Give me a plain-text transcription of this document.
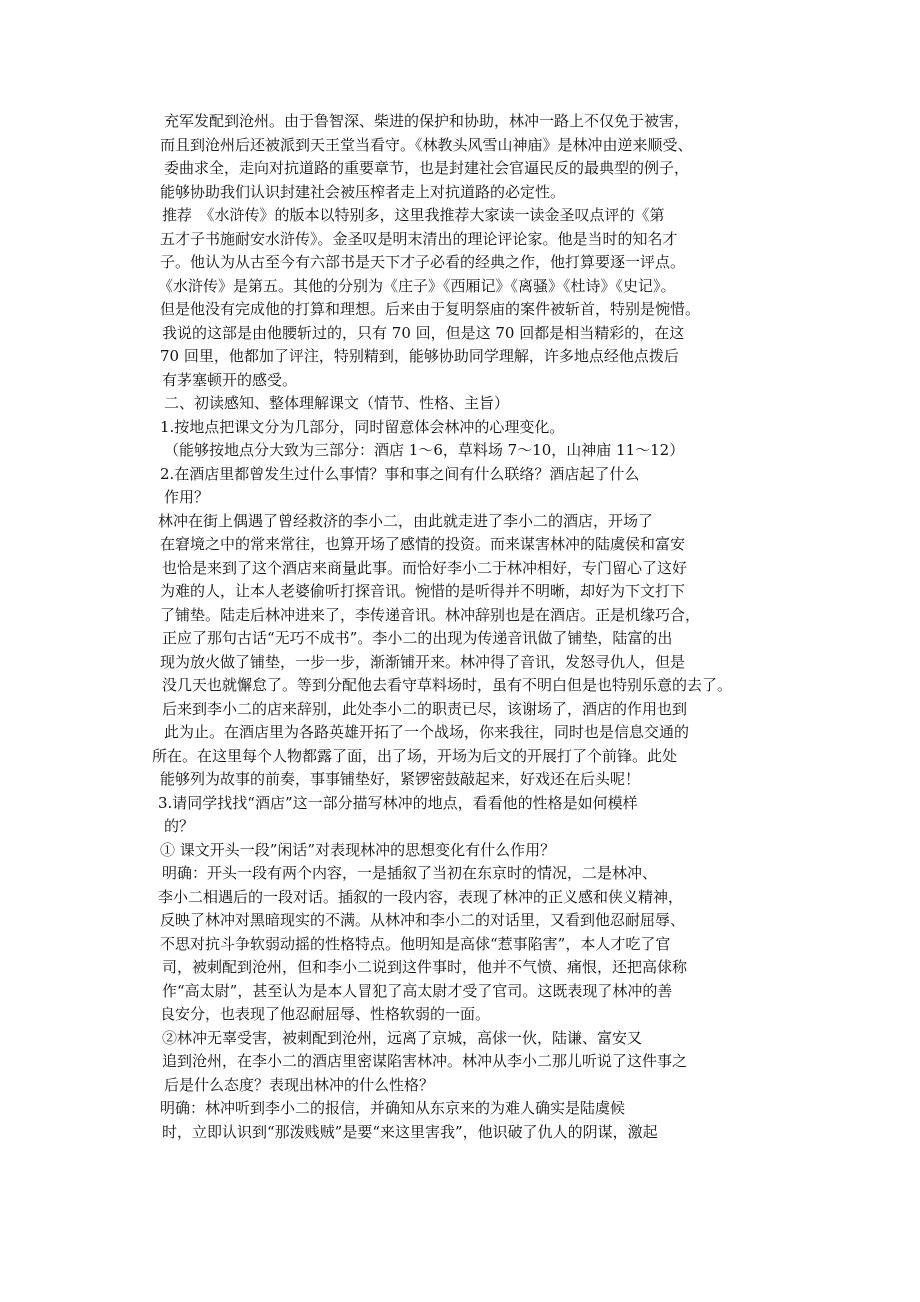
充军发配到沧州。由于鲁智深、柴进的保护和协助，林冲一路上不仅免于被害，
而且到沧州后还被派到天王堂当看守。《林教头风雪山神庙》是林冲由逆来顺受、
委曲求全，走向对抗道路的重要章节，也是封建社会官逼民反的最典型的例子，
能够协助我们认识封建社会被压榨者走上对抗道路的必定性。
推荐　《水浒传》的版本以特别多，这里我推荐大家读一读金圣叹点评的《第
五才子书施耐安水浒传》。金圣叹是明末清出的理论评论家。他是当时的知名才
子。他认为从古至今有六部书是天下才子必看的经典之作，他打算要逐一评点。
《水浒传》是第五。其他的分别为《庄子》《西厢记》《离骚》《杜诗》《史记》。
但是他没有完成他的打算和理想。后来由于复明祭庙的案件被斩首，特别是惋惜。
我说的这部是由他腰斩过的，只有 70 回，但是这 70 回都是相当精彩的，在这
70 回里，他都加了评注，特别精到，能够协助同学理解，许多地点经他点拨后
有茅塞顿开的感受。
二、初读感知、整体理解课文（情节、性格、主旨）
1.按地点把课文分为几部分，同时留意体会林冲的心理变化。
（能够按地点分大致为三部分：酒店 1～6，草料场 7～10，山神庙 11～12）
2.在酒店里都曾发生过什么事情？事和事之间有什么联络？酒店起了什么
作用？
林冲在街上偶遇了曾经救济的李小二，由此就走进了李小二的酒店，开场了
在窘境之中的常来常往，也算开场了感情的投资。而来谋害林冲的陆虞侯和富安
也恰是来到了这个酒店来商量此事。而恰好李小二于林冲相好，专门留心了这好
为难的人，让本人老婆偷听打探音讯。惋惜的是听得并不明晰，却好为下文打下
了铺垫。陆走后林冲进来了，李传递音讯。林冲辞别也是在酒店。正是机缘巧合，
正应了那句古话“无巧不成书”。李小二的出现为传递音讯做了铺垫，陆富的出
现为放火做了铺垫，一步一步，渐渐铺开来。林冲得了音讯，发怒寻仇人，但是
没几天也就懈怠了。等到分配他去看守草料场时，虽有不明白但是也特别乐意的去了。
后来到李小二的店来辞别，此处李小二的职责已尽，该谢场了，酒店的作用也到
此为止。在酒店里为各路英雄开拓了一个战场，你来我往，同时也是信息交通的
所在。在这里每个人物都露了面，出了场，开场为后文的开展打了个前锋。此处
能够列为故事的前奏，事事铺垫好，紧锣密鼓敲起来，好戏还在后头呢！
3.请同学找找“酒店”这一部分描写林冲的地点，看看他的性格是如何模样
的？
① 课文开头一段”闲话”对表现林冲的思想变化有什么作用？
明确：开头一段有两个内容，一是插叙了当初在东京时的情况，二是林冲、
李小二相遇后的一段对话。插叙的一段内容，表现了林冲的正义感和侠义精神，
反映了林冲对黑暗现实的不满。从林冲和李小二的对话里，又看到他忍耐屈辱、
不思对抗斗争软弱动摇的性格特点。他明知是高俅“惹事陷害”，本人才吃了官
司，被刺配到沧州，但和李小二说到这件事时，他并不气愤、痛恨，还把高俅称
作“高太尉”，甚至认为是本人冒犯了高太尉才受了官司。这既表现了林冲的善
良安分，也表现了他忍耐屈辱、性格软弱的一面。
②林冲无辜受害，被刺配到沧州，远离了京城，高俅一伙，陆谦、富安又
追到沧州，在李小二的酒店里密谋陷害林冲。林冲从李小二那儿听说了这件事之
后是什么态度？表现出林冲的什么性格？
明确：林冲听到李小二的报信，并确知从东京来的为难人确实是陆虞候
时，立即认识到“那泼贱贼”是要“来这里害我”，他识破了仇人的阴谋，激起
